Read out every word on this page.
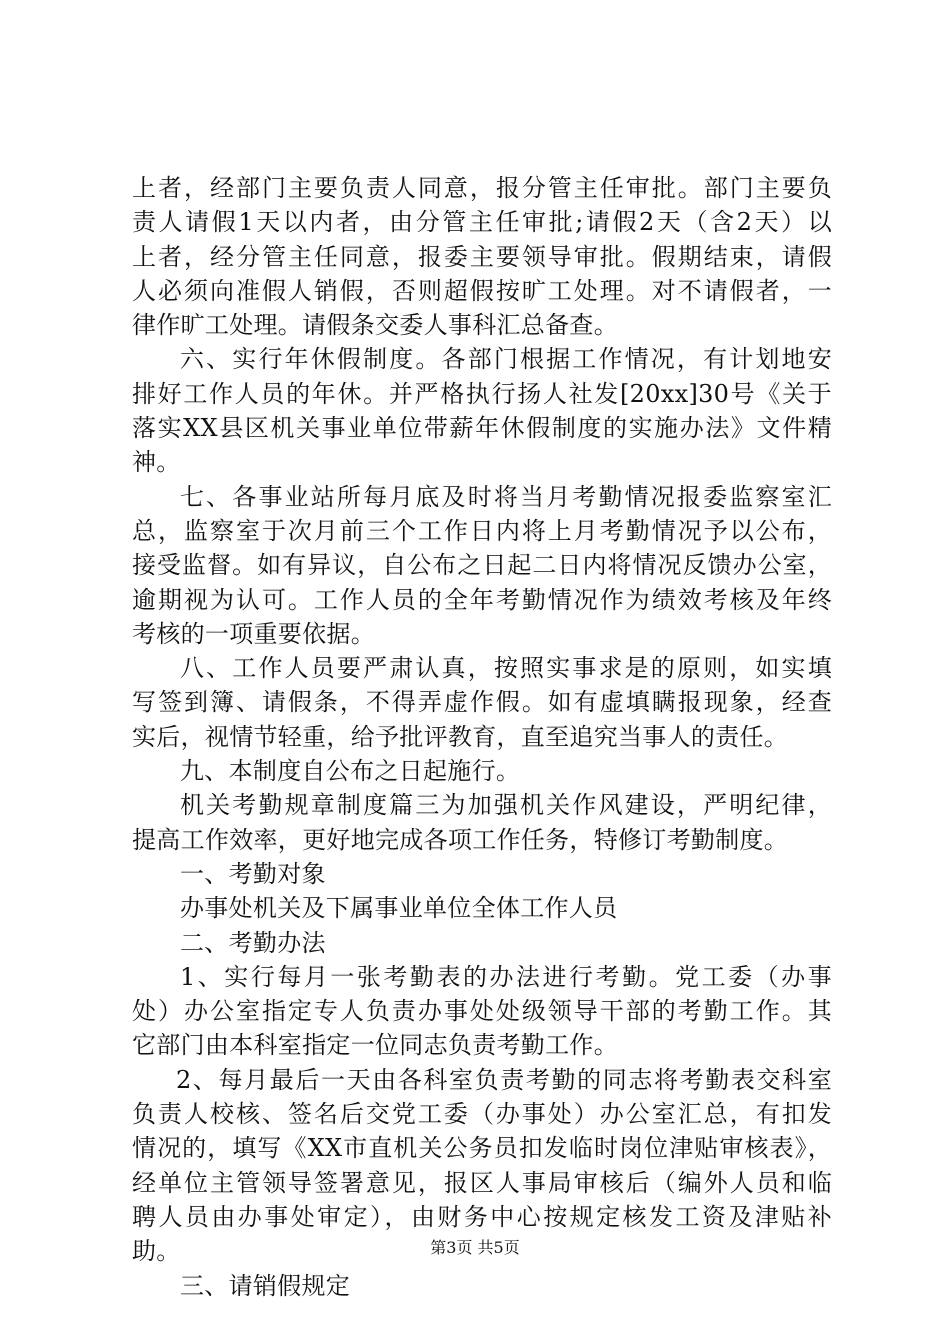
上者，经部门主要负责人同意，报分管主任审批。部门主要负
责人请假1天以内者，由分管主任审批;请假2天（含2天）以
上者，经分管主任同意，报委主要领导审批。假期结束，请假
人必须向准假人销假，否则超假按旷工处理。对不请假者，一
律作旷工处理。请假条交委人事科汇总备查。
六、实行年休假制度。各部门根据工作情况，有计划地安
排好工作人员的年休。并严格执行扬人社发[20xx]30号《关于
落实XX县区机关事业单位带薪年休假制度的实施办法》文件精
神。
七、各事业站所每月底及时将当月考勤情况报委监察室汇
总，监察室于次月前三个工作日内将上月考勤情况予以公布，
接受监督。如有异议，自公布之日起二日内将情况反馈办公室，
逾期视为认可。工作人员的全年考勤情况作为绩效考核及年终
考核的一项重要依据。
八、工作人员要严肃认真，按照实事求是的原则，如实填
写签到簿、请假条，不得弄虚作假。如有虚填瞒报现象，经查
实后，视情节轻重，给予批评教育，直至追究当事人的责任。
九、本制度自公布之日起施行。
机关考勤规章制度篇三为加强机关作风建设，严明纪律，
提高工作效率，更好地完成各项工作任务，特修订考勤制度。
一、考勤对象
办事处机关及下属事业单位全体工作人员
二、考勤办法
1、实行每月一张考勤表的办法进行考勤。党工委（办事
处）办公室指定专人负责办事处处级领导干部的考勤工作。其
它部门由本科室指定一位同志负责考勤工作。
2、每月最后一天由各科室负责考勤的同志将考勤表交科室
负责人校核、签名后交党工委（办事处）办公室汇总，有扣发
情况的，填写《XX市直机关公务员扣发临时岗位津贴审核表》，
经单位主管领导签署意见，报区人事局审核后（编外人员和临
聘人员由办事处审定），由财务中心按规定核发工资及津贴补
助。
三、请销假规定
第3页 共5页
